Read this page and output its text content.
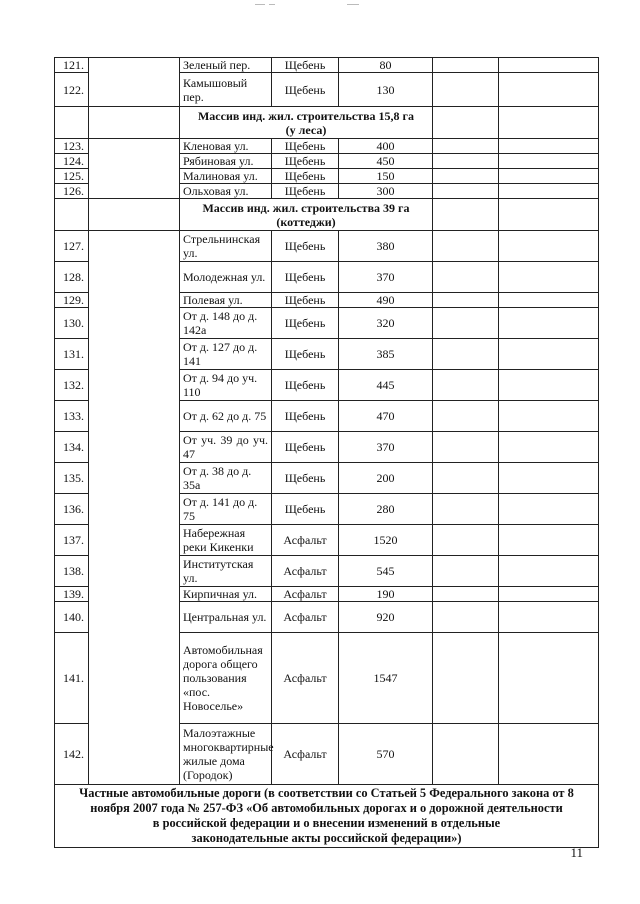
121.		Зеленый пер.	Щебень	80		
122.		Камышовый пер.	Щебень	130		

		Массив инд. жил. строительства 15,8 га
(у леса)				

123.		Кленовая ул.	Щебень	400		
124.		Рябиновая ул.	Щебень	450		
125.		Малиновая ул.	Щебень	150		
126.		Ольховая ул.	Щебень	300		

		Массив инд. жил. строительства 39 га
(коттеджи)				

127.		Стрельнинская ул.	Щебень	380		
128.		Молодежная ул.	Щебень	370		
129.		Полевая ул.	Щебень	490		
130.		От д. 148 до д. 142а	Щебень	320		
131.		От д. 127 до д. 141	Щебень	385		
132.		От д. 94 до уч. 110	Щебень	445		
133.		От д. 62 до д. 75	Щебень	470		
134.		От уч. 39 до уч. 47	Щебень	370		
135.		От д. 38 до д. 35а	Щебень	200		
136.		От д. 141 до д. 75	Щебень	280		
137.		Набережная реки Кикенки	Асфальт	1520		
138.		Институтская ул.	Асфальт	545		
139.		Кирпичная ул.	Асфальт	190		
140.		Центральная ул.	Асфальт	920		
141.		Автомобильная дорога общего пользования «пос. Новоселье»	Асфальт	1547		
142.		Малоэтажные многоквартирные жилые дома (Городок)	Асфальт	570		

Частные автомобильные дороги (в соответствии со Статьей 5 Федерального закона от 8
ноября 2007 года № 257-ФЗ «Об автомобильных дорогах и о дорожной деятельности
в российской федерации и о внесении изменений в отдельные
законодательные акты российской федерации»)						
11
